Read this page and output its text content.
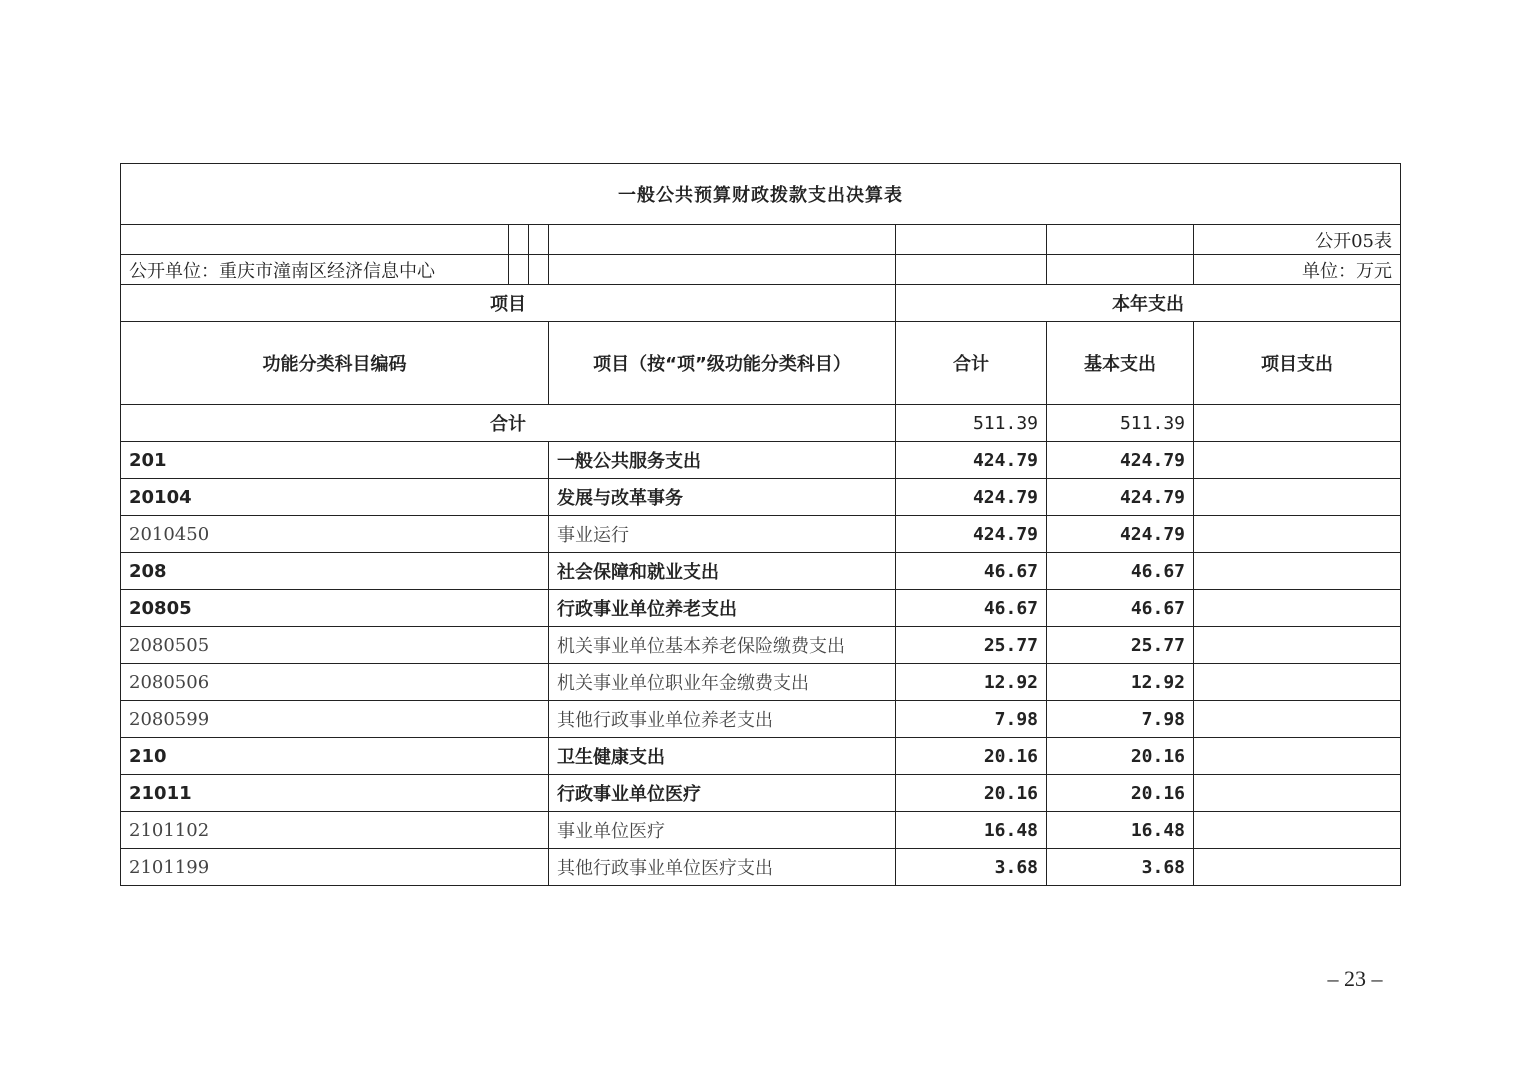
一般公共预算财政拨款支出决算表						
						公开05表
公开单位：重庆市潼南区经济信息中心						单位：万元
项目				本年支出		
功能分类科目编码			项目（按“项”级功能分类科目）	合计	基本支出	项目支出
合计				511.39	511.39	
201			一般公共服务支出	424.79	424.79	
20104			发展与改革事务	424.79	424.79	
2010450			事业运行	424.79	424.79	
208			社会保障和就业支出	46.67	46.67	
20805			行政事业单位养老支出	46.67	46.67	
2080505			机关事业单位基本养老保险缴费支出	25.77	25.77	
2080506			机关事业单位职业年金缴费支出	12.92	12.92	
2080599			其他行政事业单位养老支出	7.98	7.98	
210			卫生健康支出	20.16	20.16	
21011			行政事业单位医疗	20.16	20.16	
2101102			事业单位医疗	16.48	16.48	
2101199			其他行政事业单位医疗支出	3.68	3.68	
– 23 –
